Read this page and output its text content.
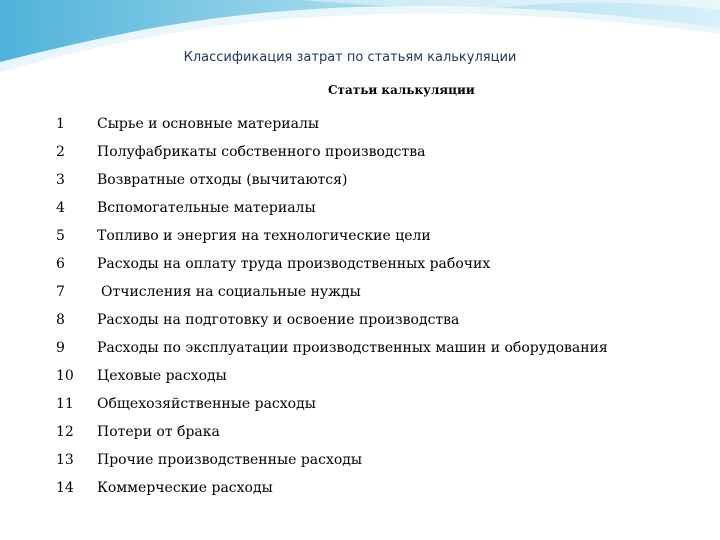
Классификация затрат по статьям калькуляции
Статьи калькуляции
1 Сырье и основные материалы
2 Полуфабрикаты собственного производства
3 Возвратные отходы (вычитаются)
4 Вспомогательные материалы
5 Топливо и энергия на технологические цели
6 Расходы на оплату труда производственных рабочих
7	Отчисления на социальные нужды
8 Расходы на подготовку и освоение производства
9 Расходы по эксплуатации производственных машин и оборудования
10 Цеховые расходы
11 Общехозяйственные расходы
12 Потери от брака
13 Прочие производственные расходы
14 Коммерческие расходы
